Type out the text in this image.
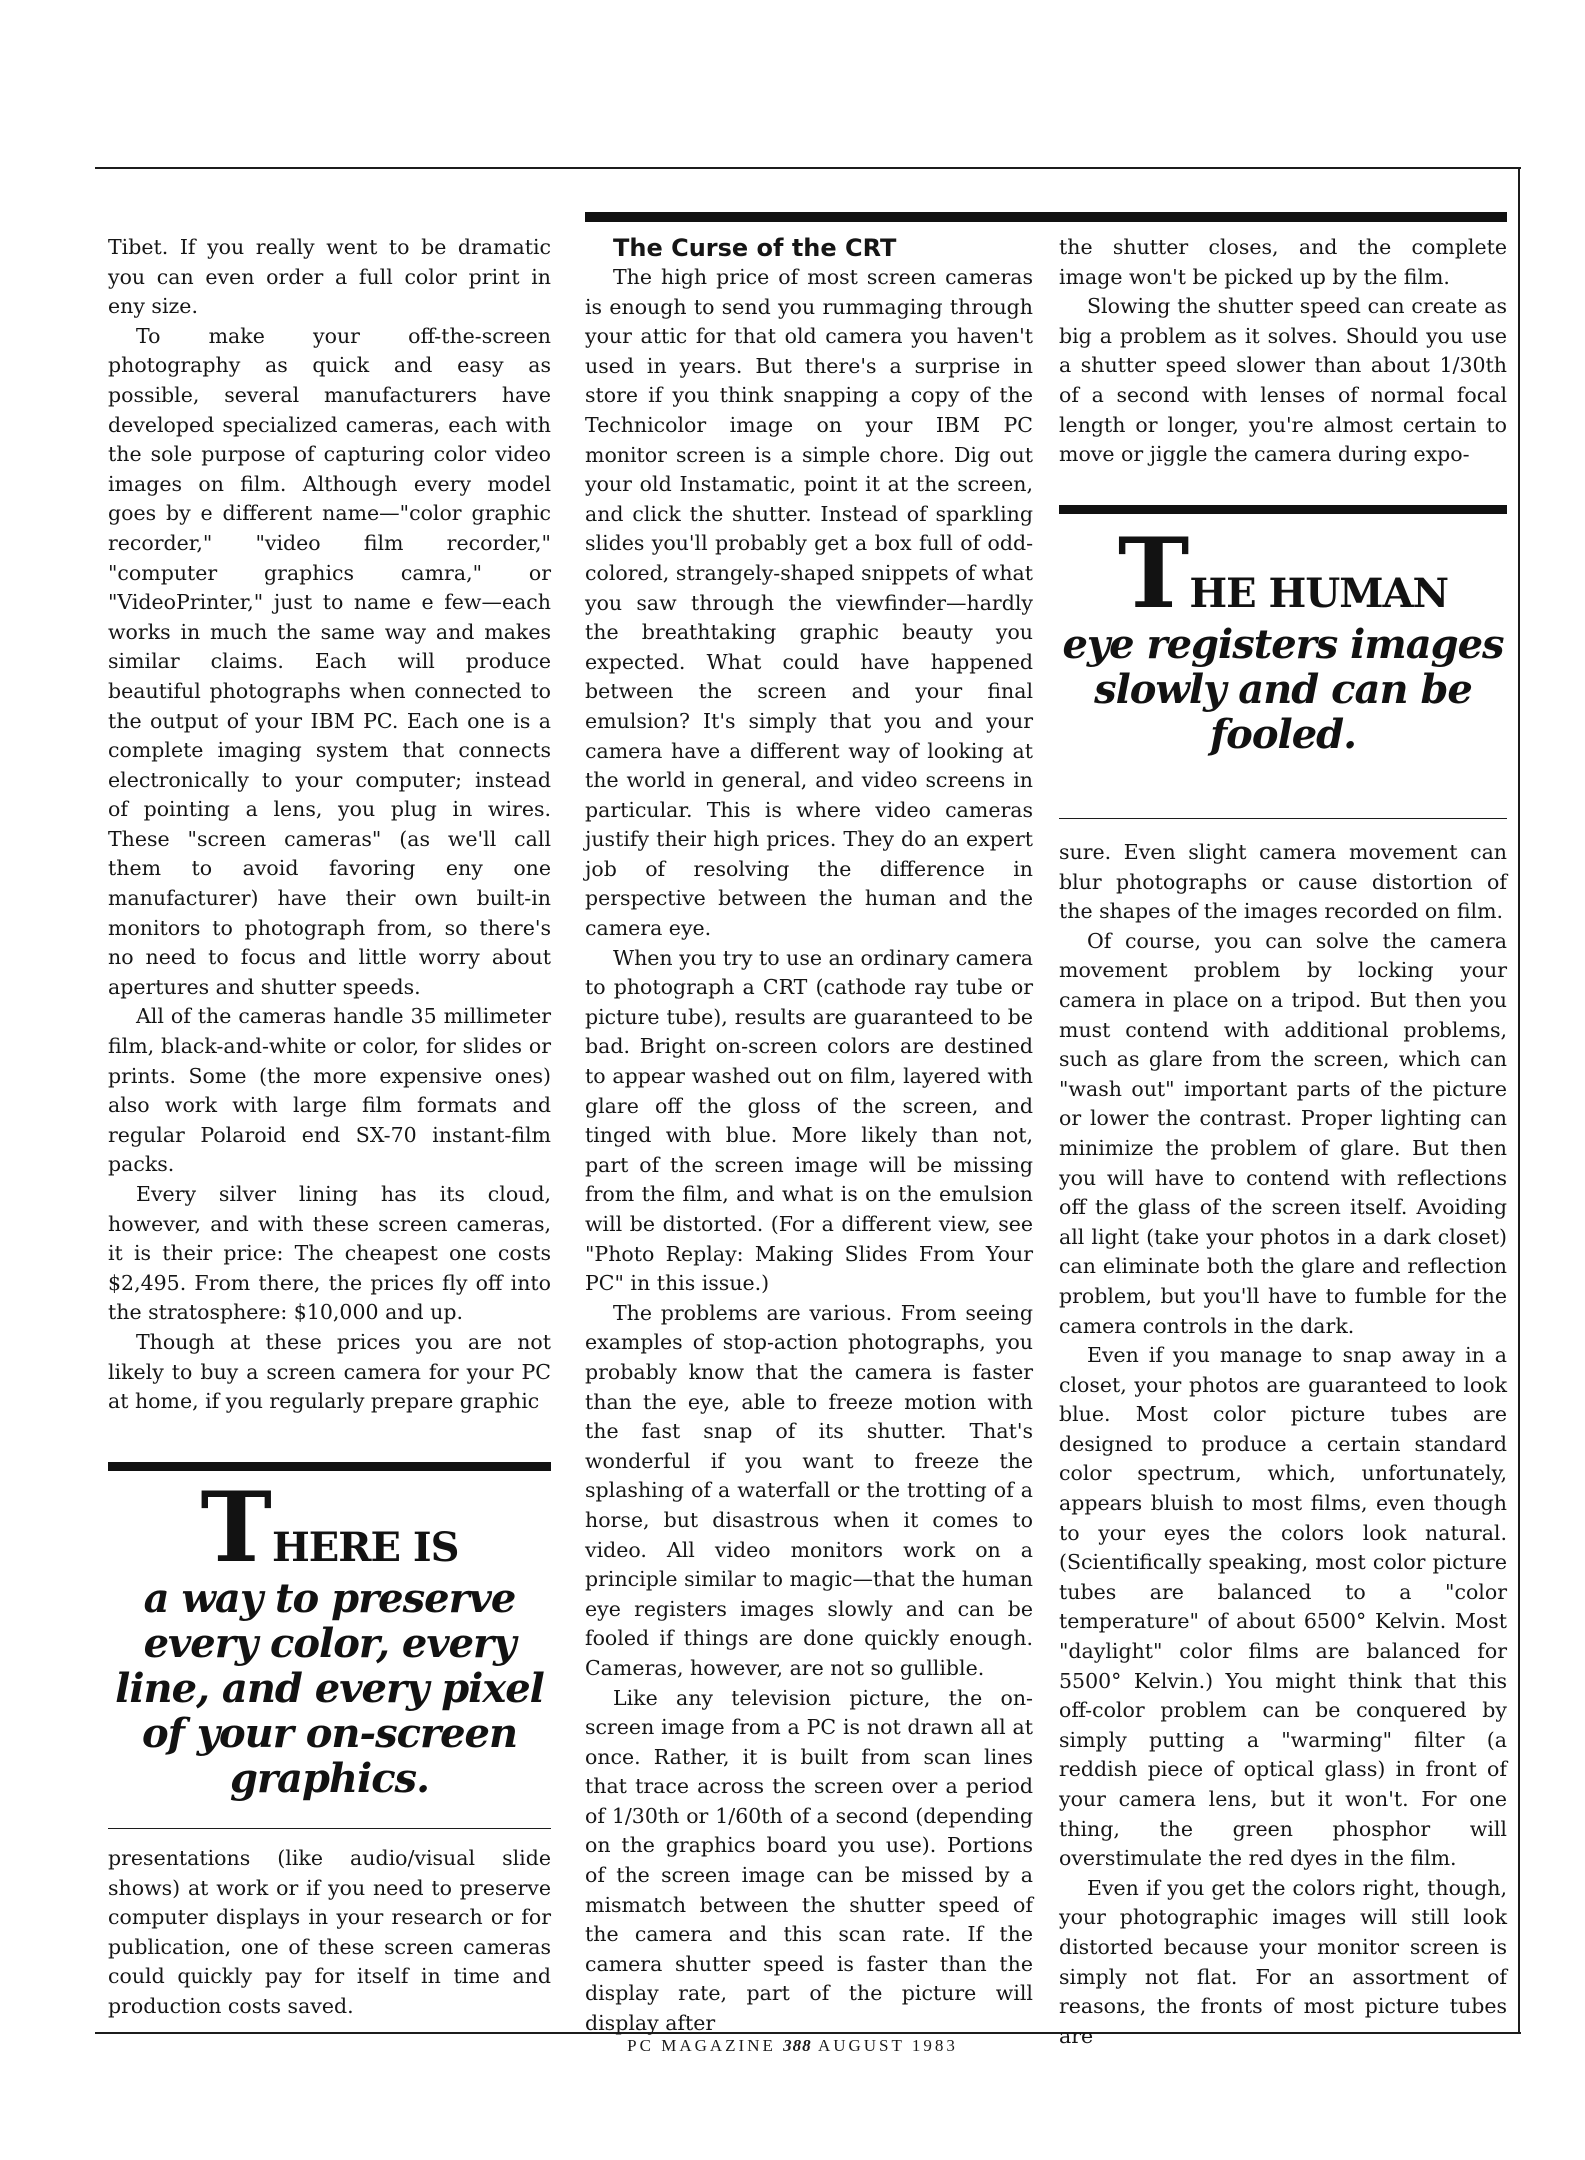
Tibet. If you really went to be dramatic you can even order a full color print in eny size.

To make your off-the-screen photography as quick and easy as possible, several manufacturers have developed specialized cameras, each with the sole purpose of capturing color video images on film. Although every model goes by e different name—"color graphic recorder," "video film recorder," "computer graphics camra," or "VideoPrinter," just to name e few—each works in much the same way and makes similar claims. Each will produce beautiful photographs when connected to the output of your IBM PC. Each one is a complete imaging system that connects electronically to your computer; instead of pointing a lens, you plug in wires. These "screen cameras" (as we'll call them to avoid favoring eny one manufacturer) have their own built-in monitors to photograph from, so there's no need to focus and little worry about apertures and shutter speeds.

All of the cameras handle 35 millimeter film, black-and-white or color, for slides or prints. Some (the more expensive ones) also work with large film formats and regular Polaroid end SX-70 instant-film packs.

Every silver lining has its cloud, however, and with these screen cameras, it is their price: The cheapest one costs $2,495. From there, the prices fly off into the stratosphere: $10,000 and up.

Though at these prices you are not likely to buy a screen camera for your PC at home, if you regularly prepare graphic

THERE IS
a way to preserve every color, every line, and every pixel of your on-screen graphics.

presentations (like audio/visual slide shows) at work or if you need to preserve computer displays in your research or for publication, one of these screen cameras could quickly pay for itself in time and production costs saved.

The Curse of the CRT

The high price of most screen cameras is enough to send you rummaging through your attic for that old camera you haven't used in years. But there's a surprise in store if you think snapping a copy of the Technicolor image on your IBM PC monitor screen is a simple chore. Dig out your old Instamatic, point it at the screen, and click the shutter. Instead of sparkling slides you'll probably get a box full of odd-colored, strangely-shaped snippets of what you saw through the viewfinder—hardly the breathtaking graphic beauty you expected. What could have happened between the screen and your final emulsion? It's simply that you and your camera have a different way of looking at the world in general, and video screens in particular. This is where video cameras justify their high prices. They do an expert job of resolving the difference in perspective between the human and the camera eye.

When you try to use an ordinary camera to photograph a CRT (cathode ray tube or picture tube), results are guaranteed to be bad. Bright on-screen colors are destined to appear washed out on film, layered with glare off the gloss of the screen, and tinged with blue. More likely than not, part of the screen image will be missing from the film, and what is on the emulsion will be distorted. (For a different view, see "Photo Replay: Making Slides From Your PC" in this issue.)

The problems are various. From seeing examples of stop-action photographs, you probably know that the camera is faster than the eye, able to freeze motion with the fast snap of its shutter. That's wonderful if you want to freeze the splashing of a waterfall or the trotting of a horse, but disastrous when it comes to video. All video monitors work on a principle similar to magic—that the human eye registers images slowly and can be fooled if things are done quickly enough. Cameras, however, are not so gullible.

Like any television picture, the on-screen image from a PC is not drawn all at once. Rather, it is built from scan lines that trace across the screen over a period of 1/30th or 1/60th of a second (depending on the graphics board you use). Portions of the screen image can be missed by a mismatch between the shutter speed of the camera and this scan rate. If the camera shutter speed is faster than the display rate, part of the picture will display after

the shutter closes, and the complete image won't be picked up by the film.

Slowing the shutter speed can create as big a problem as it solves. Should you use a shutter speed slower than about 1/30th of a second with lenses of normal focal length or longer, you're almost certain to move or jiggle the camera during expo-

THE HUMAN
eye registers images slowly and can be fooled.

sure. Even slight camera movement can blur photographs or cause distortion of the shapes of the images recorded on film.

Of course, you can solve the camera movement problem by locking your camera in place on a tripod. But then you must contend with additional problems, such as glare from the screen, which can "wash out" important parts of the picture or lower the contrast. Proper lighting can minimize the problem of glare. But then you will have to contend with reflections off the glass of the screen itself. Avoiding all light (take your photos in a dark closet) can eliminate both the glare and reflection problem, but you'll have to fumble for the camera controls in the dark.

Even if you manage to snap away in a closet, your photos are guaranteed to look blue. Most color picture tubes are designed to produce a certain standard color spectrum, which, unfortunately, appears bluish to most films, even though to your eyes the colors look natural. (Scientifically speaking, most color picture tubes are balanced to a "color temperature" of about 6500° Kelvin. Most "daylight" color films are balanced for 5500° Kelvin.) You might think that this off-color problem can be conquered by simply putting a "warming" filter (a reddish piece of optical glass) in front of your camera lens, but it won't. For one thing, the green phosphor will overstimulate the red dyes in the film.

Even if you get the colors right, though, your photographic images will still look distorted because your monitor screen is simply not flat. For an assortment of reasons, the fronts of most picture tubes are

PC MAGAZINE 388 AUGUST 1983
